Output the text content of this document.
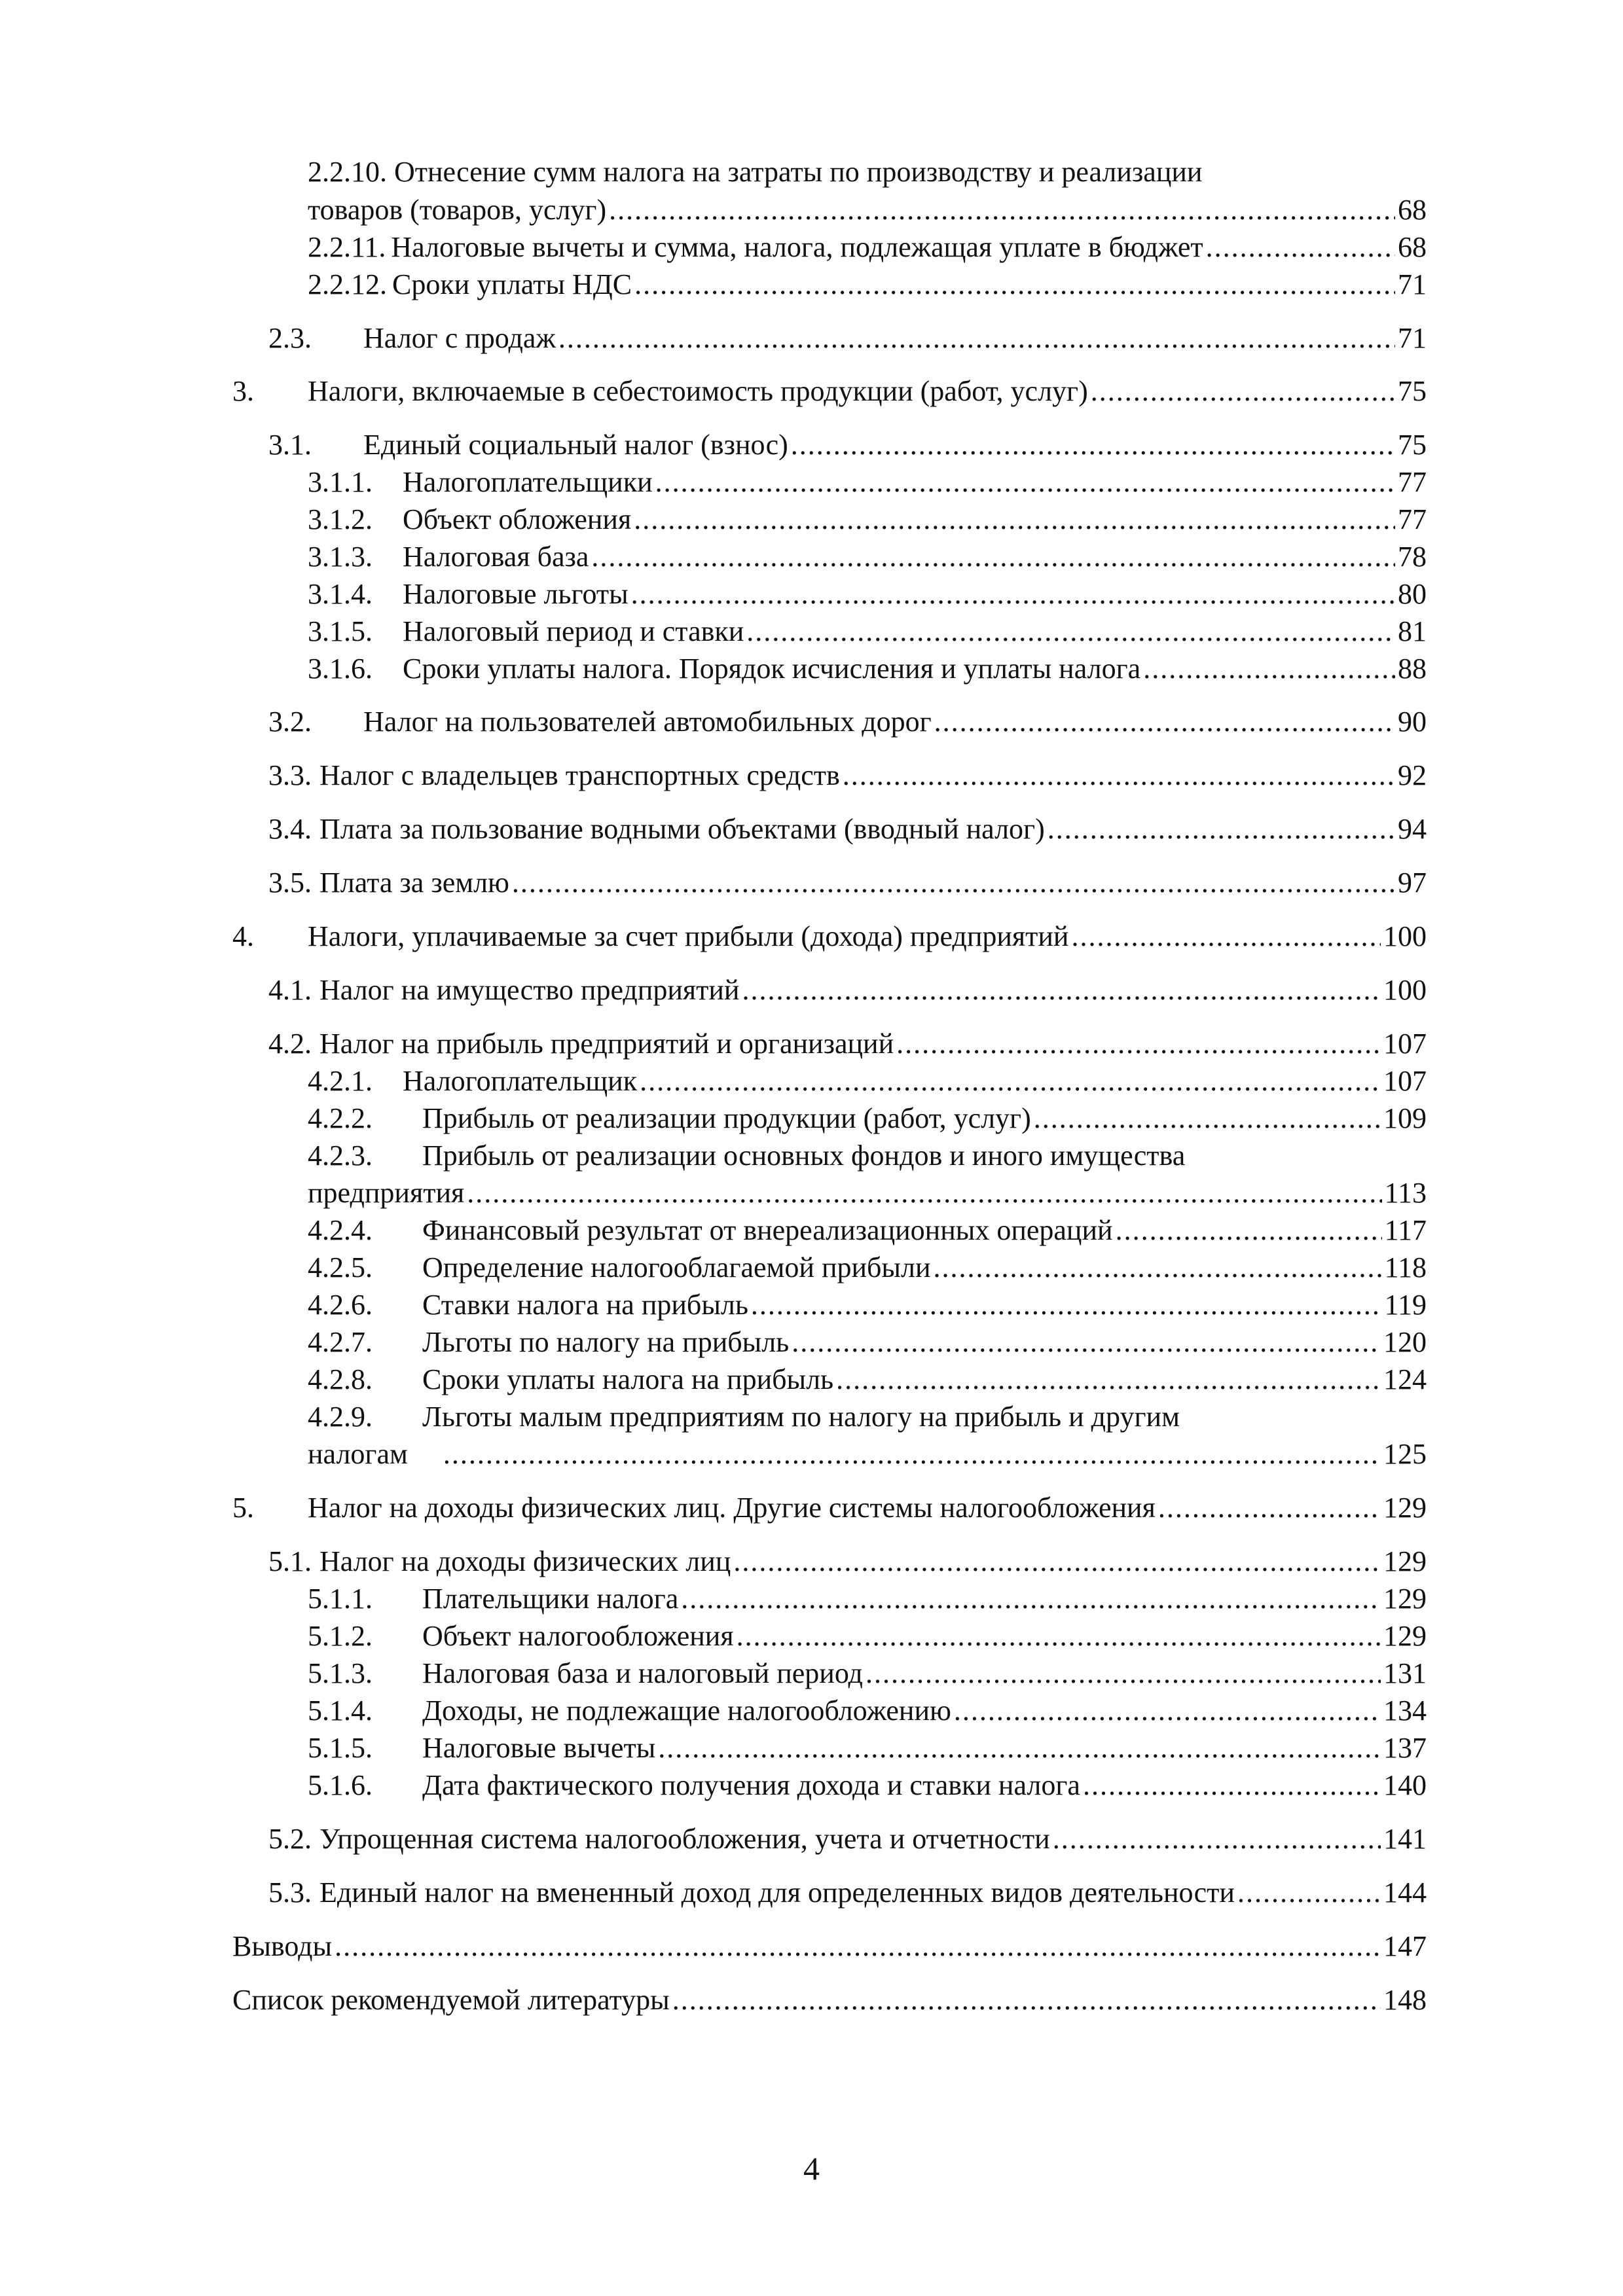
2.2.10. Отнесение сумм налога на затраты по производству и реализации
товаров (товаров, услуг) .....	68
2.2.11. Налоговые вычеты и сумма, налога, подлежащая уплате в бюджет .....	68
2.2.12. Сроки уплаты НДС .....	71
2.3.	Налог с продаж .....	71
3.	Налоги, включаемые в себестоимость продукции (работ, услуг) .....	75
3.1.	Единый социальный налог (взнос) .....	75
3.1.1.	Налогоплательщики .....	77
3.1.2.	Объект обложения .....	77
3.1.3.	Налоговая база .....	78
3.1.4.	Налоговые льготы .....	80
3.1.5.	Налоговый период и ставки .....	81
3.1.6.	Сроки уплаты налога. Порядок исчисления и уплаты налога .....	88
3.2.	Налог на пользователей автомобильных дорог .....	90
3.3. Налог с владельцев транспортных средств .....	92
3.4. Плата за пользование водными объектами (вводный налог) .....	94
3.5. Плата за землю .....	97
4.	Налоги, уплачиваемые за счет прибыли (дохода) предприятий .....	100
4.1. Налог на имущество предприятий .....	100
4.2. Налог на прибыль предприятий и организаций .....	107
4.2.1.	Налогоплательщик .....	107
4.2.2.	Прибыль от реализации продукции (работ, услуг) .....	109
4.2.3. Прибыль от реализации основных фондов и иного имущества
предприятия .....	113
4.2.4.	Финансовый результат от внереализационных операций .....	117
4.2.5.	Определение налогооблагаемой прибыли .....	118
4.2.6.	Ставки налога на прибыль .....	119
4.2.7.	Льготы по налогу на прибыль .....	120
4.2.8.	Сроки уплаты налога на прибыль .....	124
4.2.9. Льготы малым предприятиям по налогу на прибыль и другим
налогам .....	125
5.	Налог на доходы физических лиц. Другие системы налогообложения .....	129
5.1. Налог на доходы физических лиц .....	129
5.1.1.	Плательщики налога .....	129
5.1.2.	Объект налогообложения .....	129
5.1.3.	Налоговая база и налоговый период .....	131
5.1.4.	Доходы, не подлежащие налогообложению .....	134
5.1.5.	Налоговые вычеты .....	137
5.1.6.	Дата фактического получения дохода и ставки налога .....	140
5.2. Упрощенная система налогообложения, учета и отчетности .....	141
5.3. Единый налог на вмененный доход для определенных видов деятельности .....	144
Выводы .....	147
Список рекомендуемой литературы .....	148
4
